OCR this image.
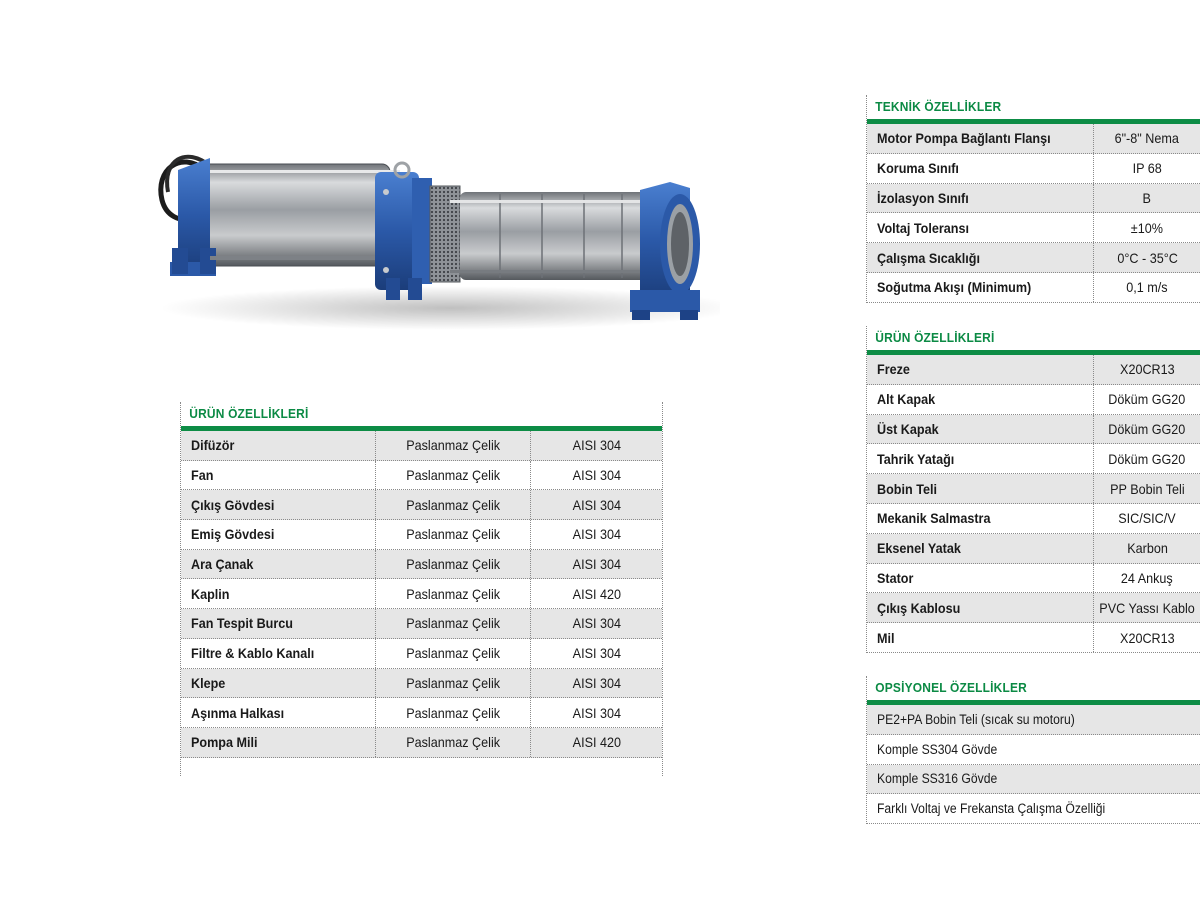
TEKNİK ÖZELLİKLER
Motor Pompa Bağlantı Flanşı	6"-8" Nema
Koruma Sınıfı	IP 68
İzolasyon Sınıfı	B
Voltaj Toleransı	±10%
Çalışma Sıcaklığı	0°C - 35°C
Soğutma Akışı (Minimum)	0,1 m/s
ÜRÜN ÖZELLİKLERİ
Freze	X20CR13
Alt Kapak	Döküm GG20
Üst Kapak	Döküm GG20
Tahrik Yatağı	Döküm GG20
Bobin Teli	PP Bobin Teli
Mekanik Salmastra	SIC/SIC/V
Eksenel Yatak	Karbon
Stator	24 Ankuş
Çıkış Kablosu	PVC Yassı Kablo
Mil	X20CR13
OPSİYONEL ÖZELLİKLER
PE2+PA Bobin Teli (sıcak su motoru)
Komple SS304 Gövde
Komple SS316 Gövde
Farklı Voltaj ve Frekansta Çalışma Özelliği
ÜRÜN ÖZELLİKLERİ
Difüzör	Paslanmaz Çelik	AISI 304
Fan	Paslanmaz Çelik	AISI 304
Çıkış Gövdesi	Paslanmaz Çelik	AISI 304
Emiş Gövdesi	Paslanmaz Çelik	AISI 304
Ara Çanak	Paslanmaz Çelik	AISI 304
Kaplin	Paslanmaz Çelik	AISI 420
Fan Tespit Burcu	Paslanmaz Çelik	AISI 304
Filtre & Kablo Kanalı	Paslanmaz Çelik	AISI 304
Klepe	Paslanmaz Çelik	AISI 304
Aşınma Halkası	Paslanmaz Çelik	AISI 304
Pompa Mili	Paslanmaz Çelik	AISI 420
